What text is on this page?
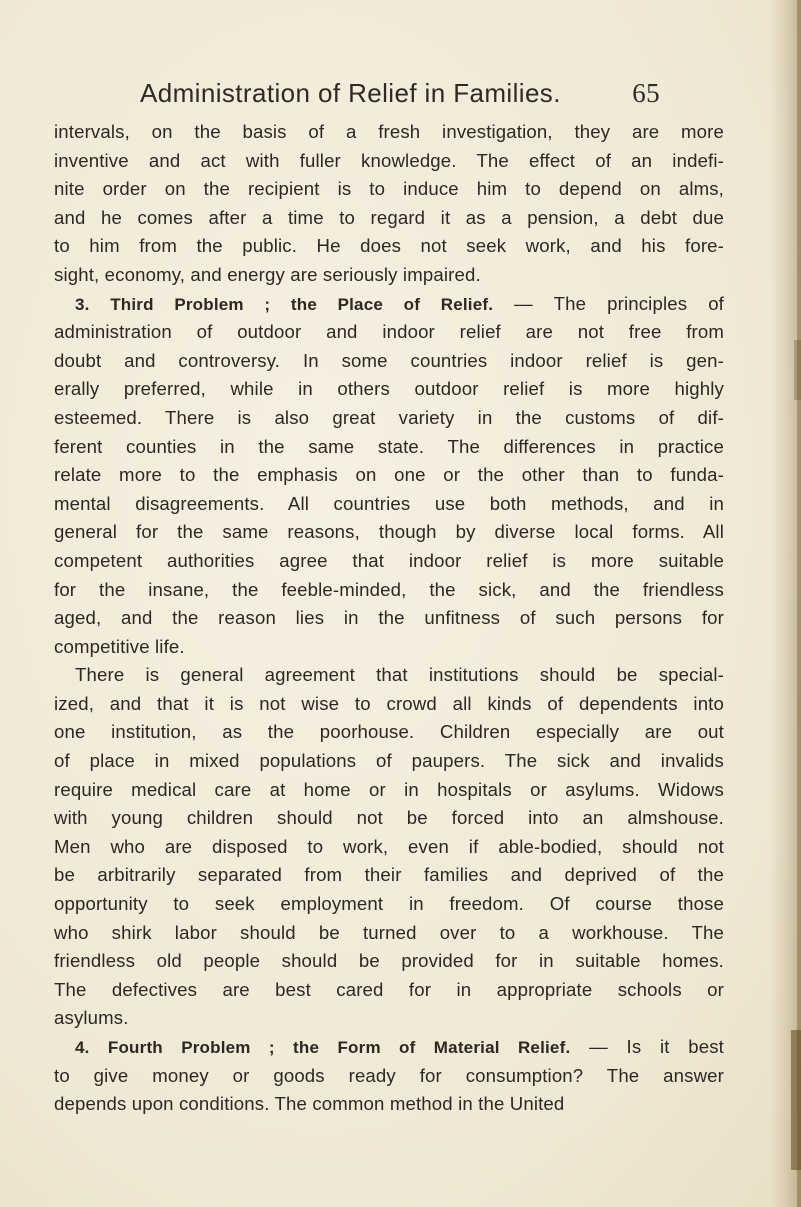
Administration of Relief in Families.	65
intervals, on the basis of a fresh investigation, they are more
inventive and act with fuller knowledge. The effect of an indefi-
nite order on the recipient is to induce him to depend on alms,
and he comes after a time to regard it as a pension, a debt due
to him from the public. He does not seek work, and his fore-
sight, economy, and energy are seriously impaired.
3. Third Problem ; the Place of Relief. — The principles of
administration of outdoor and indoor relief are not free from
doubt and controversy. In some countries indoor relief is gen-
erally preferred, while in others outdoor relief is more highly
esteemed. There is also great variety in the customs of dif-
ferent counties in the same state. The differences in practice
relate more to the emphasis on one or the other than to funda-
mental disagreements. All countries use both methods, and in
general for the same reasons, though by diverse local forms. All
competent authorities agree that indoor relief is more suitable
for the insane, the feeble-minded, the sick, and the friendless
aged, and the reason lies in the unfitness of such persons for
competitive life.
There is general agreement that institutions should be special-
ized, and that it is not wise to crowd all kinds of dependents into
one institution, as the poorhouse. Children especially are out
of place in mixed populations of paupers. The sick and invalids
require medical care at home or in hospitals or asylums. Widows
with young children should not be forced into an almshouse.
Men who are disposed to work, even if able-bodied, should not
be arbitrarily separated from their families and deprived of the
opportunity to seek employment in freedom. Of course those
who shirk labor should be turned over to a workhouse. The
friendless old people should be provided for in suitable homes.
The defectives are best cared for in appropriate schools or
asylums.
4. Fourth Problem ; the Form of Material Relief. — Is it best
to give money or goods ready for consumption? The answer
depends upon conditions. The common method in the United
